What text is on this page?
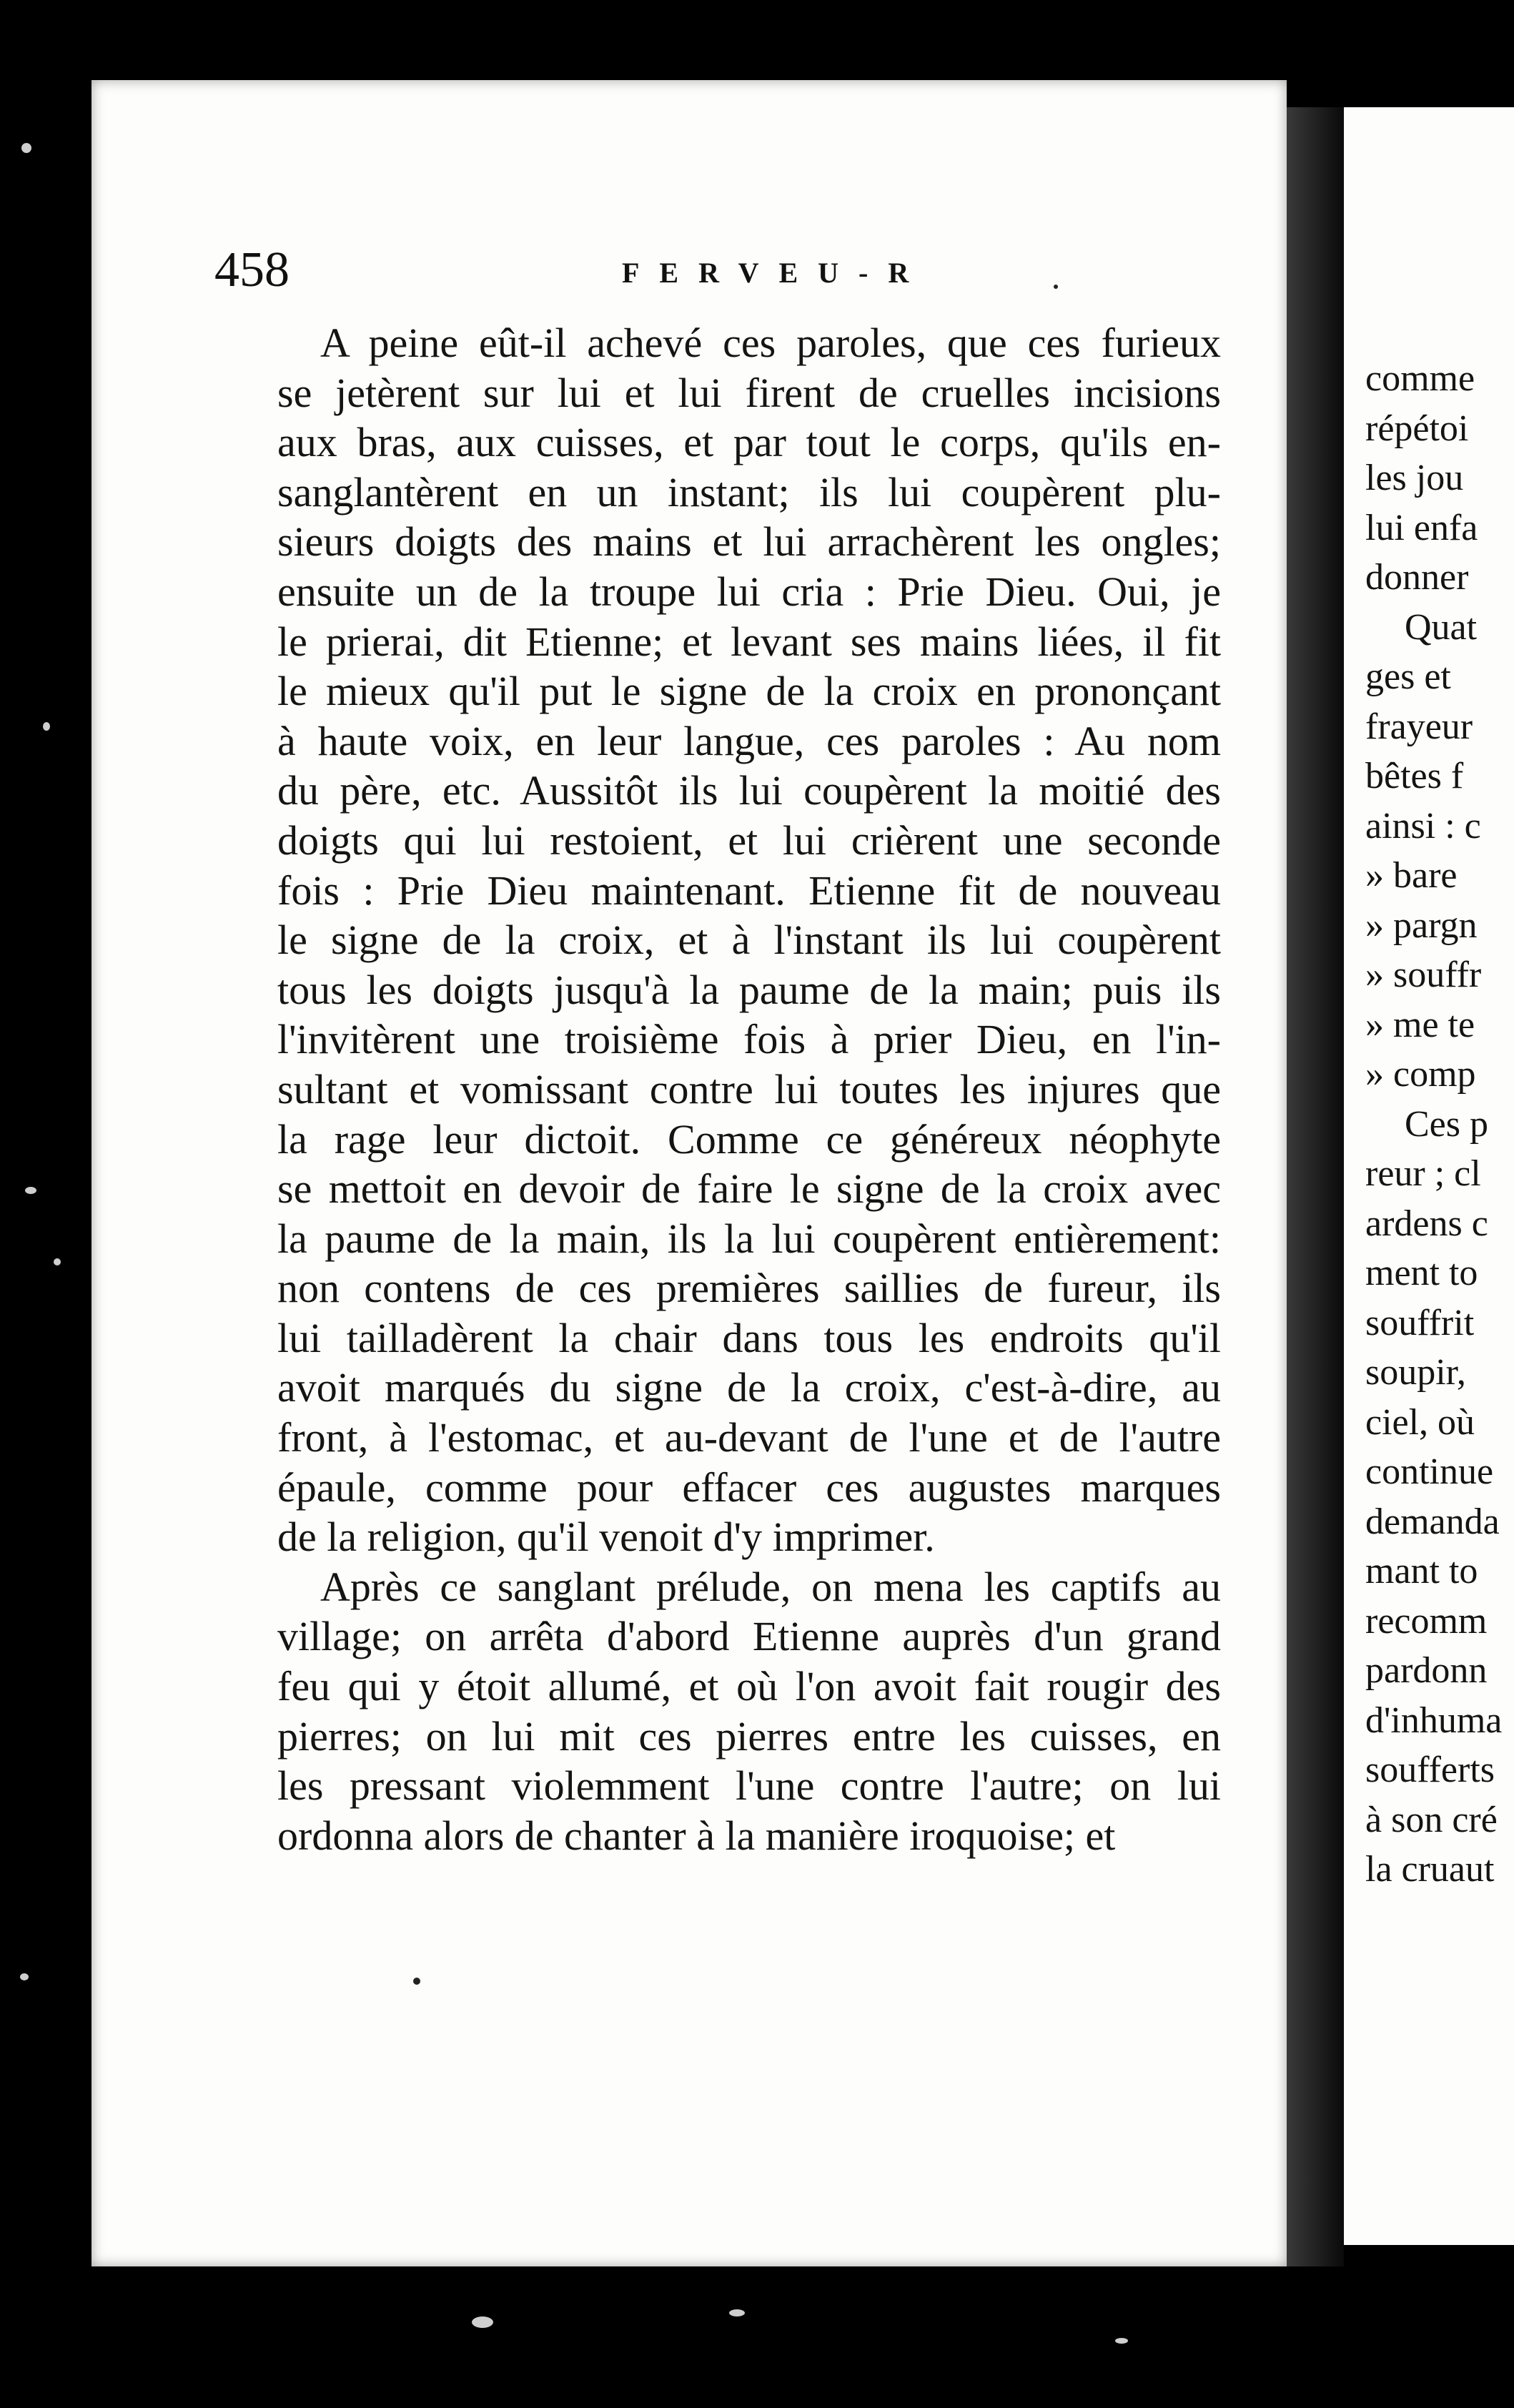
458	FERVEU-R
A peine eût-il achevé ces paroles, que ces furieux
se jetèrent sur lui et lui firent de cruelles incisions
aux bras, aux cuisses, et par tout le corps, qu'ils en-
sanglantèrent en un instant; ils lui coupèrent plu-
sieurs doigts des mains et lui arrachèrent les ongles;
ensuite un de la troupe lui cria : Prie Dieu. Oui, je
le prierai, dit Etienne; et levant ses mains liées, il fit
le mieux qu'il put le signe de la croix en prononçant
à haute voix, en leur langue, ces paroles : Au nom
du père, etc. Aussitôt ils lui coupèrent la moitié des
doigts qui lui restoient, et lui crièrent une seconde
fois : Prie Dieu maintenant. Etienne fit de nouveau
le signe de la croix, et à l'instant ils lui coupèrent
tous les doigts jusqu'à la paume de la main; puis ils
l'invitèrent une troisième fois à prier Dieu, en l'in-
sultant et vomissant contre lui toutes les injures que
la rage leur dictoit. Comme ce généreux néophyte
se mettoit en devoir de faire le signe de la croix avec
la paume de la main, ils la lui coupèrent entièrement:
non contens de ces premières saillies de fureur, ils
lui tailladèrent la chair dans tous les endroits qu'il
avoit marqués du signe de la croix, c'est-à-dire, au
front, à l'estomac, et au-devant de l'une et de l'autre
épaule, comme pour effacer ces augustes marques
de la religion, qu'il venoit d'y imprimer.
Après ce sanglant prélude, on mena les captifs au
village; on arrêta d'abord Etienne auprès d'un grand
feu qui y étoit allumé, et où l'on avoit fait rougir des
pierres; on lui mit ces pierres entre les cuisses, en
les pressant violemment l'une contre l'autre; on lui
ordonna alors de chanter à la manière iroquoise; et
comme
répétoi
les jou
lui enfa
donner
Quat
ges et
frayeur
bêtes f
ainsi : c
» bare
» pargn
» souffr
» me te
» comp
Ces p
reur ; cl
ardens c
ment to
souffrit
soupir,
ciel, où
continue
demanda
mant to
recomm
pardonn
d'inhuma
soufferts
à son cré
la cruaut
